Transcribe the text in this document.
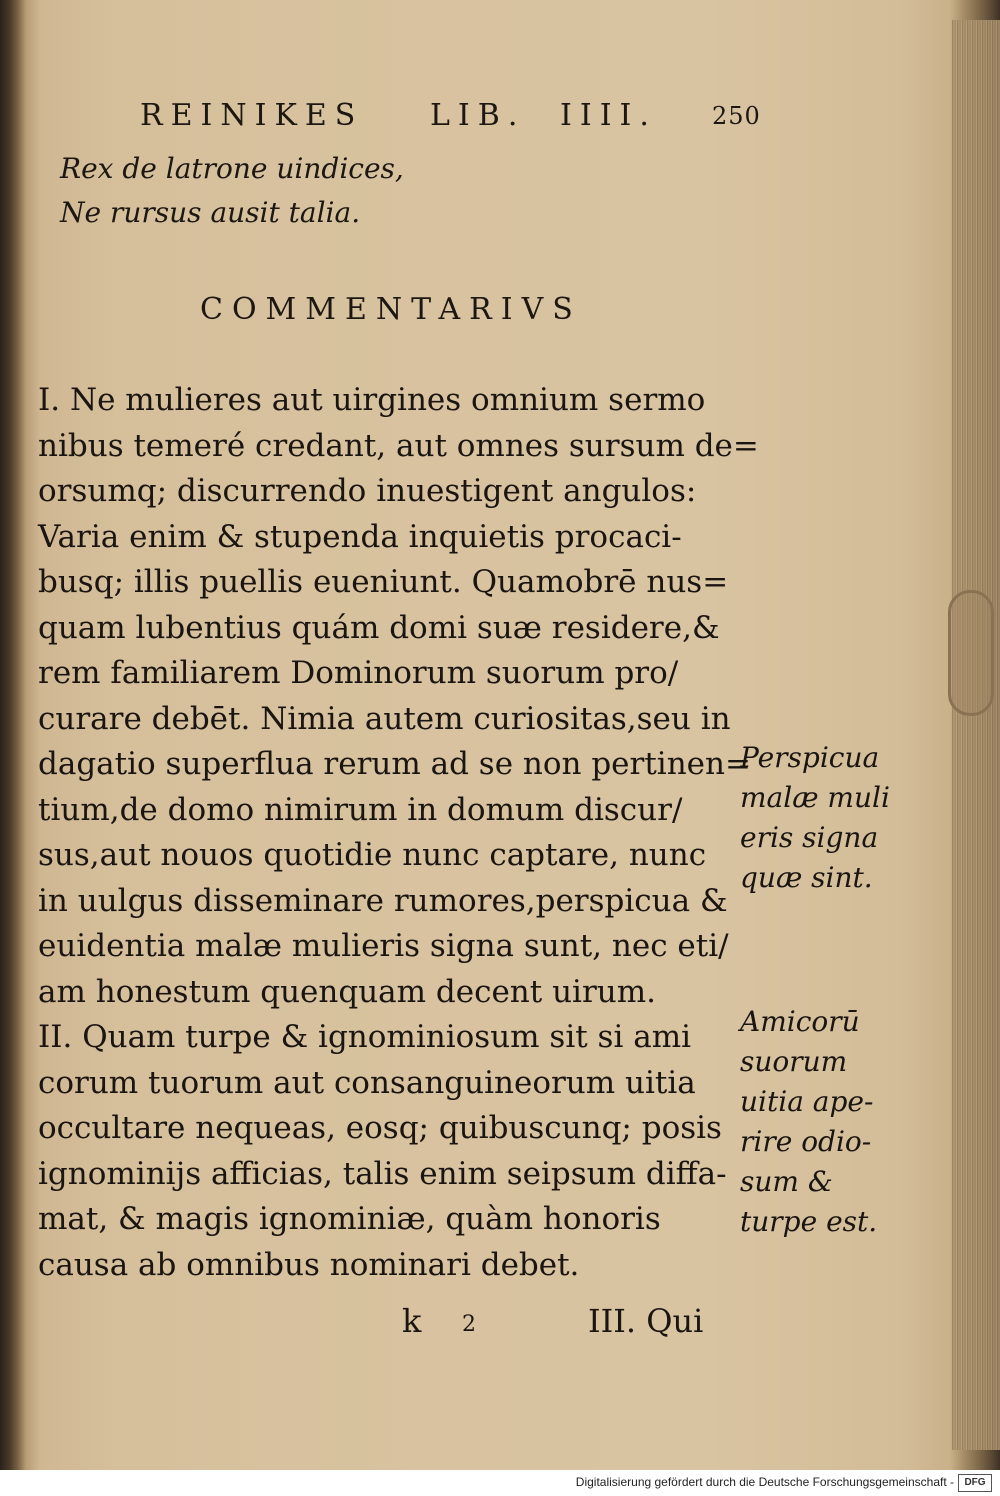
REINIKES LIB. IIII. 250
Rex de latrone uindices,
Ne rursus ausit talia.
COMMENTARIVS
I. Ne mulieres aut uirgines omnium sermo
nibus temeré credant, aut omnes sursum de=
orsumq; discurrendo inuestigent angulos:
Varia enim & stupenda inquietis procaci-
busq; illis puellis eueniunt. Quamobrē nus=
quam lubentius quám domi suæ residere,&
rem familiarem Dominorum suorum pro/
curare debēt. Nimia autem curiositas,seu in
dagatio superflua rerum ad se non pertinen=
tium,de domo nimirum in domum discur/
sus,aut nouos quotidie nunc captare, nunc
in uulgus disseminare rumores,perspicua &
euidentia malæ mulieris signa sunt, nec eti/
am honestum quenquam decent uirum.
II. Quam turpe & ignominiosum sit si ami
corum tuorum aut consanguineorum uitia
occultare nequeas, eosq; quibuscunq; posis
ignominijs afficias, talis enim seipsum diffa-
mat, & magis ignominiæ, quàm honoris
causa ab omnibus nominari debet.
Perspicua
malæ muli
eris signa
quæ sint.
Amicorū
suorum
uitia ape-
rire odio-
sum &
turpe est.
k 2	III. Qui
Digitalisierung gefördert durch die Deutsche Forschungsgemeinschaft -	DFG
